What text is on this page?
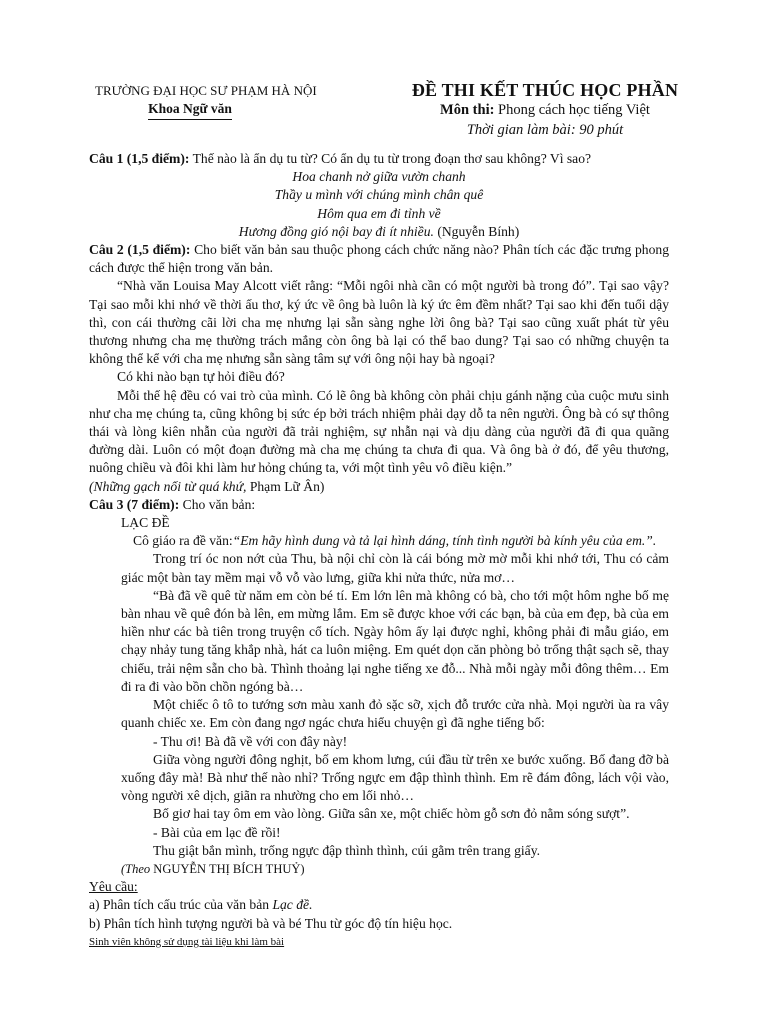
TRƯỜNG ĐẠI HỌC SƯ PHẠM HÀ NỘI
Khoa Ngữ văn
ĐỀ THI KẾT THÚC HỌC PHẦN
Môn thi: Phong cách học tiếng Việt
Thời gian làm bài: 90 phút

Câu 1 (1,5 điểm): Thế nào là ẩn dụ tu từ? Có ẩn dụ tu từ trong đoạn thơ sau không? Vì sao?

Hoa chanh nở giữa vườn chanh
Thầy u mình với chúng mình chân quê
Hôm qua em đi tỉnh về
Hương đồng gió nội bay đi ít nhiều. (Nguyễn Bính)

Câu 2 (1,5 điểm): Cho biết văn bản sau thuộc phong cách chức năng nào? Phân tích các đặc trưng phong cách được thể hiện trong văn bản.

“Nhà văn Louisa May Alcott viết rằng: “Mỗi ngôi nhà cần có một người bà trong đó”. Tại sao vậy? Tại sao mỗi khi nhớ về thời ấu thơ, ký ức về ông bà luôn là ký ức êm đềm nhất? Tại sao khi đến tuổi dậy thì, con cái thường cãi lời cha mẹ nhưng lại sẵn sàng nghe lời ông bà? Tại sao cũng xuất phát từ yêu thương nhưng cha mẹ thường trách mắng còn ông bà lại có thể bao dung? Tại sao có những chuyện ta không thể kể với cha mẹ nhưng sẵn sàng tâm sự với ông nội hay bà ngoại?

Có khi nào bạn tự hỏi điều đó?

Mỗi thế hệ đều có vai trò của mình. Có lẽ ông bà không còn phải chịu gánh nặng của cuộc mưu sinh như cha mẹ chúng ta, cũng không bị sức ép bởi trách nhiệm phải dạy dỗ ta nên người. Ông bà có sự thông thái và lòng kiên nhẫn của người đã trải nghiệm, sự nhẫn nại và dịu dàng của người đã đi qua quãng đường dài. Luôn có một đoạn đường mà cha mẹ chúng ta chưa đi qua. Và ông bà ở đó, để yêu thương, nuông chiều và đôi khi làm hư hỏng chúng ta, với một tình yêu vô điều kiện.”

(Những gạch nối từ quá khứ, Phạm Lữ Ân)

Câu 3 (7 điểm): Cho văn bản:

LẠC ĐỀ

Cô giáo ra đề văn:“Em hãy hình dung và tả lại hình dáng, tính tình người bà kính yêu của em.”.

Trong trí óc non nớt của Thu, bà nội chỉ còn là cái bóng mờ mờ mỗi khi nhớ tới, Thu có cảm giác một bàn tay mềm mại vỗ vỗ vào lưng, giữa khi nửa thức, nửa mơ…

“Bà đã về quê từ năm em còn bé tí. Em lớn lên mà không có bà, cho tới một hôm nghe bố mẹ bàn nhau về quê đón bà lên, em mừng lắm. Em sẽ được khoe với các bạn, bà của em đẹp, bà của em hiền như các bà tiên trong truyện cổ tích. Ngày hôm ấy lại được nghỉ, không phải đi mẫu giáo, em chạy nhảy tung tăng khắp nhà, hát ca luôn miệng. Em quét dọn căn phòng bỏ trống thật sạch sẽ, thay chiếu, trải nệm sẵn cho bà. Thình thoảng lại nghe tiếng xe đỗ... Nhà mỗi ngày mỗi đông thêm… Em đi ra đi vào bồn chồn ngóng bà…

Một chiếc ô tô to tướng sơn màu xanh đỏ sặc sỡ, xịch đỗ trước cửa nhà. Mọi người ùa ra vây quanh chiếc xe. Em còn đang ngơ ngác chưa hiểu chuyện gì đã nghe tiếng bố:

- Thu ơi! Bà đã về với con đây này!

Giữa vòng người đông nghịt, bố em khom lưng, cúi đầu từ trên xe bước xuống. Bố đang đỡ bà xuống đây mà! Bà như thế nào nhỉ? Trống ngực em đập thình thình. Em rẽ đám đông, lách vội vào, vòng người xê dịch, giãn ra nhường cho em lối nhỏ…

Bố giơ hai tay ôm em vào lòng. Giữa sân xe, một chiếc hòm gỗ sơn đỏ nằm sóng sượt”.

- Bài của em lạc đề rồi!

Thu giật bắn mình, trống ngực đập thình thình, cúi gằm trên trang giấy.

(Theo NGUYỄN THỊ BÍCH THUỶ)

Yêu cầu:

a) Phân tích cấu trúc của văn bản Lạc đề.

b) Phân tích hình tượng người bà và bé Thu từ góc độ tín hiệu học.

Sinh viên không sử dụng tài liệu khi làm bài
